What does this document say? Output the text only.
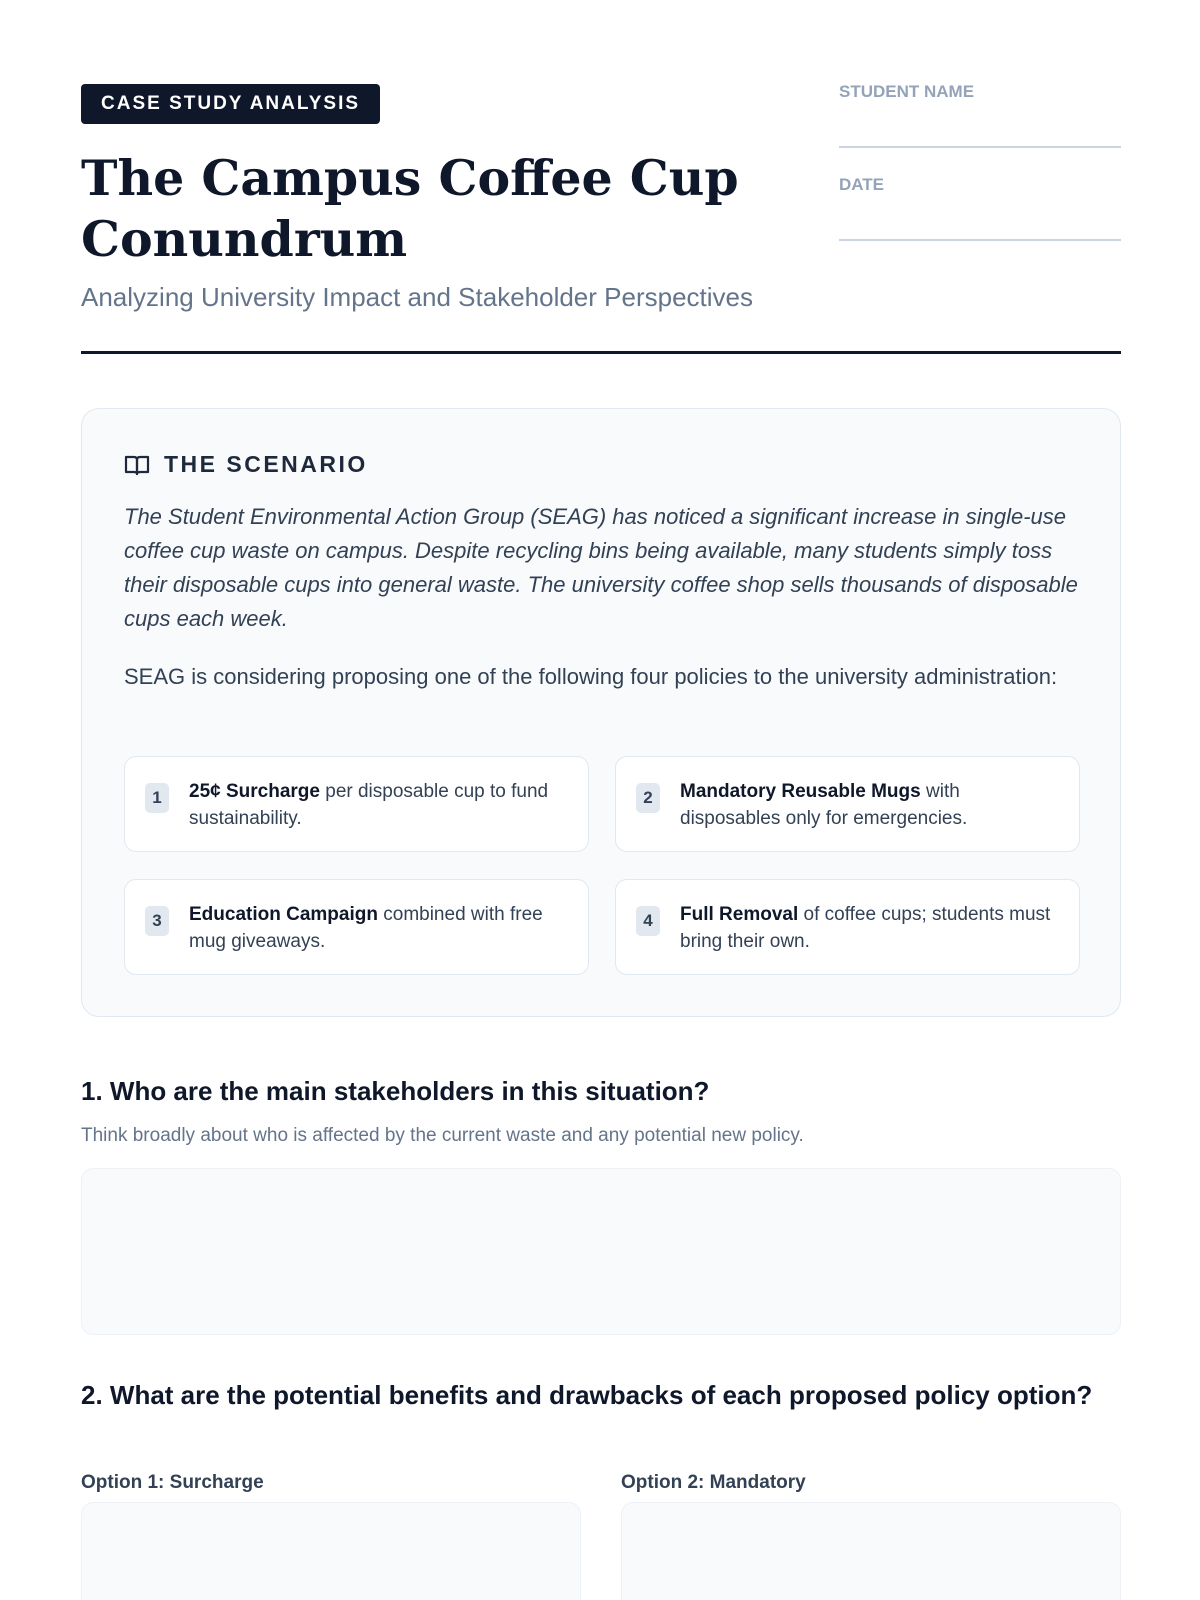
CASE STUDY ANALYSIS
The Campus Coffee Cup Conundrum
Analyzing University Impact and Stakeholder Perspectives
STUDENT NAME
DATE
THE SCENARIO

The Student Environmental Action Group (SEAG) has noticed a significant increase in single-use coffee cup waste on campus. Despite recycling bins being available, many students simply toss their disposable cups into general waste. The university coffee shop sells thousands of disposable cups each week.

SEAG is considering proposing one of the following four policies to the university administration:

1	25¢ Surcharge per disposable cup to fund sustainability.
2	Mandatory Reusable Mugs with disposables only for emergencies.
3	Education Campaign combined with free mug giveaways.
4	Full Removal of coffee cups; students must bring their own.
1. Who are the main stakeholders in this situation?
Think broadly about who is affected by the current waste and any potential new policy.
2. What are the potential benefits and drawbacks of each proposed policy option?
Option 1: Surcharge	Option 2: Mandatory
